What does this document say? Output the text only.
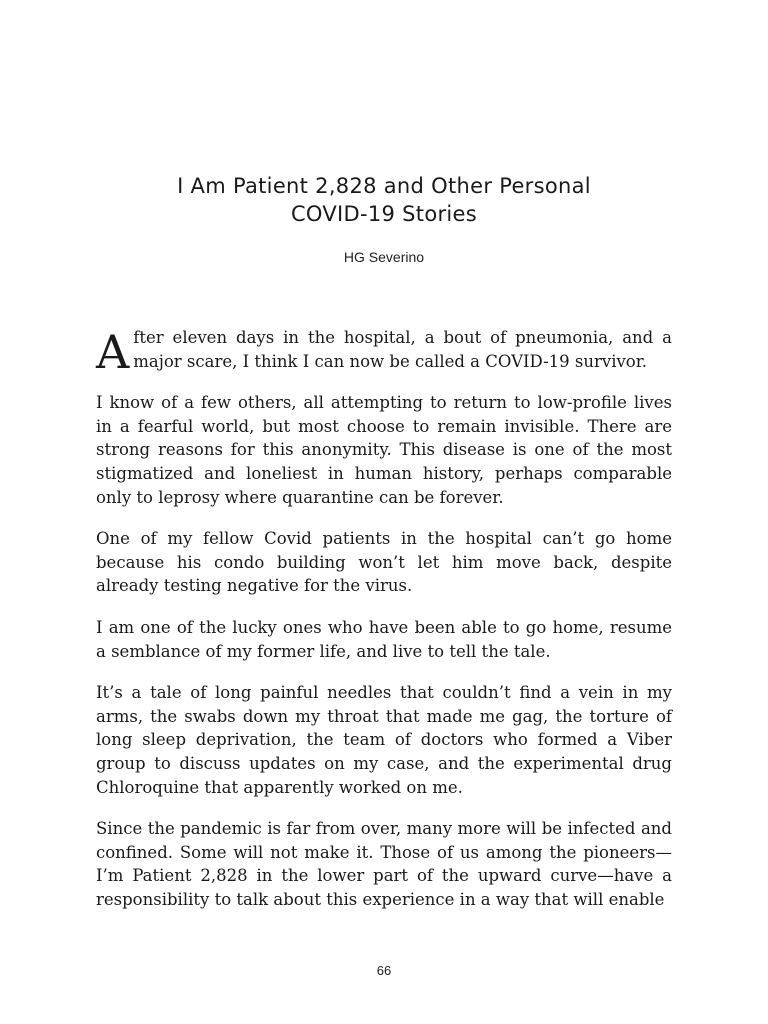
I Am Patient 2,828 and Other Personal
COVID-19 Stories
HG Severino

After eleven days in the hospital, a bout of pneumonia, and a major scare, I think I can now be called a COVID-19 survivor.

I know of a few others, all attempting to return to low-profile lives in a fearful world, but most choose to remain invisible. There are strong reasons for this anonymity. This disease is one of the most stigmatized and loneliest in human history, perhaps comparable only to leprosy where quarantine can be forever.

One of my fellow Covid patients in the hospital can’t go home because his condo building won’t let him move back, despite already testing negative for the virus.

I am one of the lucky ones who have been able to go home, resume a semblance of my former life, and live to tell the tale.

It’s a tale of long painful needles that couldn’t find a vein in my arms, the swabs down my throat that made me gag, the torture of long sleep deprivation, the team of doctors who formed a Viber group to discuss updates on my case, and the experimental drug Chloroquine that apparently worked on me.

Since the pandemic is far from over, many more will be infected and confined. Some will not make it. Those of us among the pioneers—I’m Patient 2,828 in the lower part of the upward curve—have a responsibility to talk about this experience in a way that will enable

66
